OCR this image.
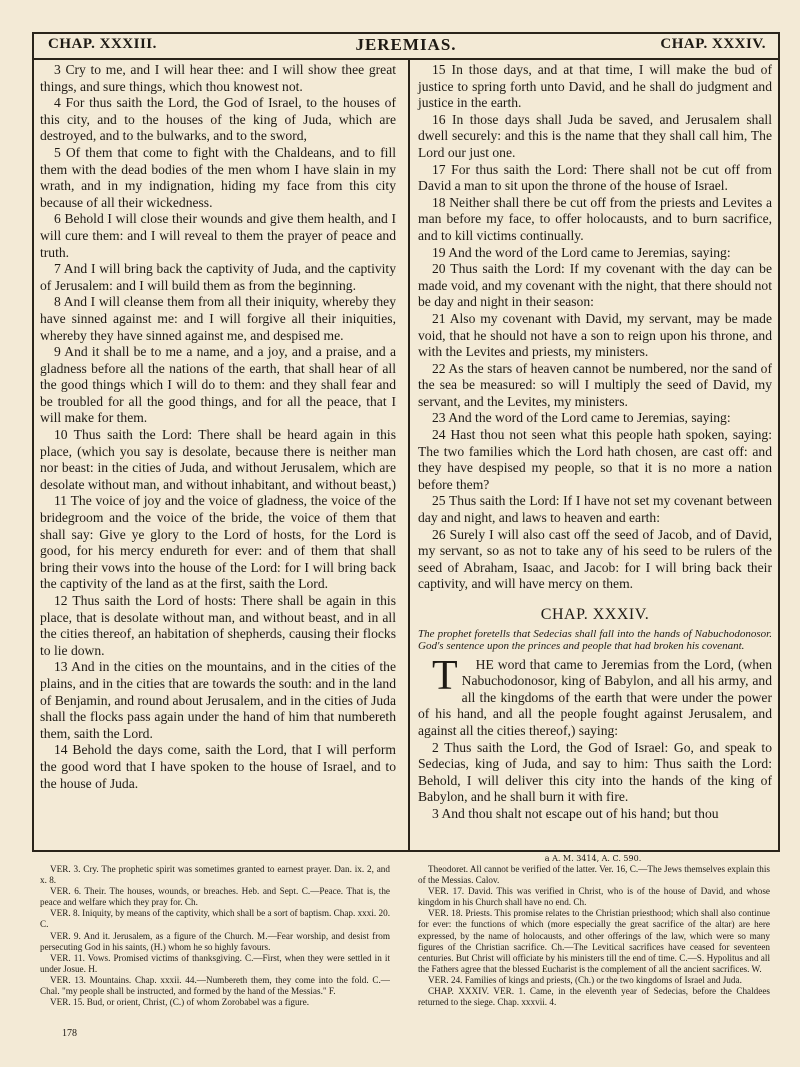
CHAP. XXXIII.	JEREMIAS.	CHAP. XXXIV.

3 Cry to me, and I will hear thee: and I will show thee great things, and sure things, which thou knowest not.

4 For thus saith the Lord, the God of Israel, to the houses of this city, and to the houses of the king of Juda, which are destroyed, and to the bulwarks, and to the sword,

5 Of them that come to fight with the Chaldeans, and to fill them with the dead bodies of the men whom I have slain in my wrath, and in my indignation, hiding my face from this city because of all their wickedness.

6 Behold I will close their wounds and give them health, and I will cure them: and I will reveal to them the prayer of peace and truth.

7 And I will bring back the captivity of Juda, and the captivity of Jerusalem: and I will build them as from the beginning.

8 And I will cleanse them from all their iniquity, whereby they have sinned against me: and I will forgive all their iniquities, whereby they have sinned against me, and despised me.

9 And it shall be to me a name, and a joy, and a praise, and a gladness before all the nations of the earth, that shall hear of all the good things which I will do to them: and they shall fear and be troubled for all the good things, and for all the peace, that I will make for them.

10 Thus saith the Lord: There shall be heard again in this place, (which you say is desolate, because there is neither man nor beast: in the cities of Juda, and without Jerusalem, which are desolate without man, and without inhabitant, and without beast,)

11 The voice of joy and the voice of gladness, the voice of the bridegroom and the voice of the bride, the voice of them that shall say: Give ye glory to the Lord of hosts, for the Lord is good, for his mercy endureth for ever: and of them that shall bring their vows into the house of the Lord: for I will bring back the captivity of the land as at the first, saith the Lord.

12 Thus saith the Lord of hosts: There shall be again in this place, that is desolate without man, and without beast, and in all the cities thereof, an habitation of shepherds, causing their flocks to lie down.

13 And in the cities on the mountains, and in the cities of the plains, and in the cities that are towards the south: and in the land of Benjamin, and round about Jerusalem, and in the cities of Juda shall the flocks pass again under the hand of him that numbereth them, saith the Lord.

14 Behold the days come, saith the Lord, that I will perform the good word that I have spoken to the house of Israel, and to the house of Juda.

15 In those days, and at that time, I will make the bud of justice to spring forth unto David, and he shall do judgment and justice in the earth.

16 In those days shall Juda be saved, and Jerusalem shall dwell securely: and this is the name that they shall call him, The Lord our just one.

17 For thus saith the Lord: There shall not be cut off from David a man to sit upon the throne of the house of Israel.

18 Neither shall there be cut off from the priests and Levites a man before my face, to offer holocausts, and to burn sacrifice, and to kill victims continually.

19 And the word of the Lord came to Jeremias, saying:

20 Thus saith the Lord: If my covenant with the day can be made void, and my covenant with the night, that there should not be day and night in their season:

21 Also my covenant with David, my servant, may be made void, that he should not have a son to reign upon his throne, and with the Levites and priests, my ministers.

22 As the stars of heaven cannot be numbered, nor the sand of the sea be measured: so will I multiply the seed of David, my servant, and the Levites, my ministers.

23 And the word of the Lord came to Jeremias, saying:

24 Hast thou not seen what this people hath spoken, saying: The two families which the Lord hath chosen, are cast off: and they have despised my people, so that it is no more a nation before them?

25 Thus saith the Lord: If I have not set my covenant between day and night, and laws to heaven and earth:

26 Surely I will also cast off the seed of Jacob, and of David, my servant, so as not to take any of his seed to be rulers of the seed of Abraham, Isaac, and Jacob: for I will bring back their captivity, and will have mercy on them.

CHAP. XXXIV.
The prophet foretells that Sedecias shall fall into the hands of Nabuchodonosor. God's sentence upon the princes and people that had broken his covenant.

T HE word that came to Jeremias from the Lord, (when Nabuchodonosor, king of Babylon, and all his army, and all the kingdoms of the earth that were under the power of his hand, and all the people fought against Jerusalem, and against all the cities thereof,) saying:

2 Thus saith the Lord, the God of Israel: Go, and speak to Sedecias, king of Juda, and say to him: Thus saith the Lord: Behold, I will deliver this city into the hands of the king of Babylon, and he shall burn it with fire.

3 And thou shalt not escape out of his hand; but thou

a A. M. 3414, A. C. 590.

VER. 3. Cry. The prophetic spirit was sometimes granted to earnest prayer. Dan. ix. 2, and x. 8.

VER. 6. Their. The houses, wounds, or breaches. Heb. and Sept. C.—Peace. That is, the peace and welfare which they pray for. Ch.

VER. 8. Iniquity, by means of the captivity, which shall be a sort of baptism. Chap. xxxi. 20. C.

VER. 9. And it. Jerusalem, as a figure of the Church. M.—Fear worship, and desist from persecuting God in his saints, (H.) whom he so highly favours.

VER. 11. Vows. Promised victims of thanksgiving. C.—First, when they were settled in it under Josue. H.

VER. 13. Mountains. Chap. xxxii. 44.—Numbereth them, they come into the fold. C.—Chal. "my people shall be instructed, and formed by the hand of the Messias." F.

VER. 15. Bud, or orient, Christ, (C.) of whom Zorobabel was a figure.

Theodoret. All cannot be verified of the latter. Ver. 16, C.—The Jews themselves explain this of the Messias. Calov.

VER. 17. David. This was verified in Christ, who is of the house of David, and whose kingdom in his Church shall have no end. Ch.

VER. 18. Priests. This promise relates to the Christian priesthood; which shall also continue for ever: the functions of which (more especially the great sacrifice of the altar) are here expressed, by the name of holocausts, and other offerings of the law, which were so many figures of the Christian sacrifice. Ch.—The Levitical sacrifices have ceased for seventeen centuries. But Christ will officiate by his ministers till the end of time. C.—S. Hypolitus and all the Fathers agree that the blessed Eucharist is the complement of all the ancient sacrifices. W.

VER. 24. Families of kings and priests, (Ch.) or the two kingdoms of Israel and Juda.

CHAP. XXXIV. VER. 1. Came, in the eleventh year of Sedecias, before the Chaldees returned to the siege. Chap. xxxvii. 4.

178
